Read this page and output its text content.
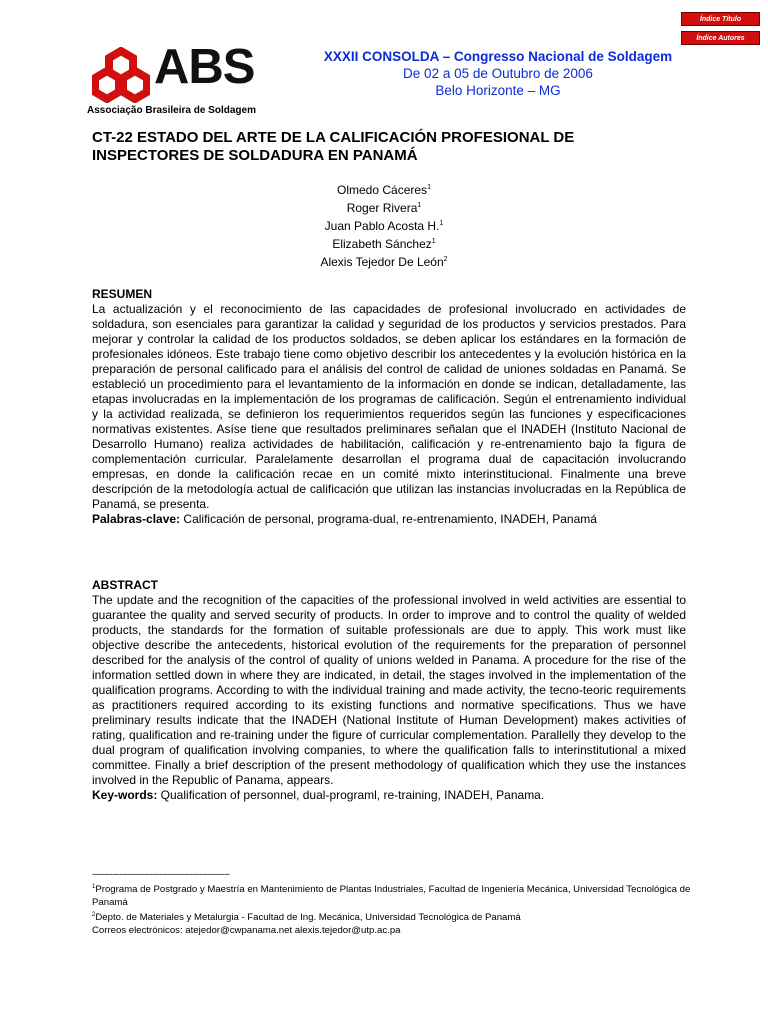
Índice Título
Índice Autores
ABS
Associação Brasileira de Soldagem
XXXII CONSOLDA – Congresso Nacional de Soldagem
De 02 a 05 de Outubro de 2006
Belo Horizonte – MG
CT-22 ESTADO DEL ARTE DE LA CALIFICACIÓN PROFESIONAL DE INSPECTORES DE SOLDADURA EN PANAMÁ
Olmedo Cáceres$^1$
Roger Rivera$^1$
Juan Pablo Acosta H.$^1$
Elizabeth Sánchez$^1$
Alexis Tejedor De León$^2$
RESUMEN
La actualización y el reconocimiento de las capacidades de profesional involucrado en actividades de soldadura, son esenciales para garantizar la calidad y seguridad de los productos y servicios prestados. Para mejorar y controlar la calidad de los productos soldados, se deben aplicar los estándares en la formación de profesionales idóneos. Este trabajo tiene como objetivo describir los antecedentes y la evolución histórica en la preparación de personal calificado para el análisis del control de calidad de uniones soldadas en Panamá. Se estableció un procedimiento para el levantamiento de la información en donde se indican, detalladamente, las etapas involucradas en la implementación de los programas de calificación. Según el entrenamiento individual y la actividad realizada, se definieron los requerimientos requeridos según las funciones y especificaciones normativas existentes. Asíse tiene que resultados preliminares señalan que el INADEH (Instituto Nacional de Desarrollo Humano) realiza actividades de habilitación, calificación y re-entrenamiento bajo la figura de complementación curricular. Paralelamente desarrollan el programa dual de capacitación involucrando empresas, en donde la calificación recae en un comité mixto interinstitucional. Finalmente una breve descripción de la metodología actual de calificación que utilizan las instancias involucradas en la República de Panamá, se presenta.
Palabras-clave: Calificación de personal, programa-dual, re-entrenamiento, INADEH, Panamá
ABSTRACT
The update and the recognition of the capacities of the professional involved in weld activities are essential to guarantee the quality and served security of products. In order to improve and to control the quality of welded products, the standards for the formation of suitable professionals are due to apply. This work must like objective describe the antecedents, historical evolution of the requirements for the preparation of personnel described for the analysis of the control of quality of unions welded in Panama. A procedure for the rise of the information settled down in where they are indicated, in detail, the stages involved in the implementation of the qualification programs. According to with the individual training and made activity, the tecno-teoric requirements as practitioners required according to its existing functions and normative specifications. Thus we have preliminary results indicate that the INADEH (National Institute of Human Development) makes activities of rating, qualification and re-training under the figure of curricular complementation. Parallelly they develop to the dual program of qualification involving companies, to where the qualification falls to interinstitutional a mixed committee. Finally a brief description of the present methodology of qualification which they use the instances involved in the Republic of Panama, appears.
Key-words: Qualification of personnel, dual-programl, re-training, INADEH, Panama.
-------------------------------------------------------
$^1$Programa de Postgrado y Maestría en Mantenimiento de Plantas Industriales, Facultad de Ingeniería Mecánica, Universidad Tecnológica de Panamá
$^2$Depto. de Materiales y Metalurgia - Facultad de Ing. Mecánica, Universidad Tecnológica de Panamá
Correos electrónicos: atejedor@cwpanama.net alexis.tejedor@utp.ac.pa
